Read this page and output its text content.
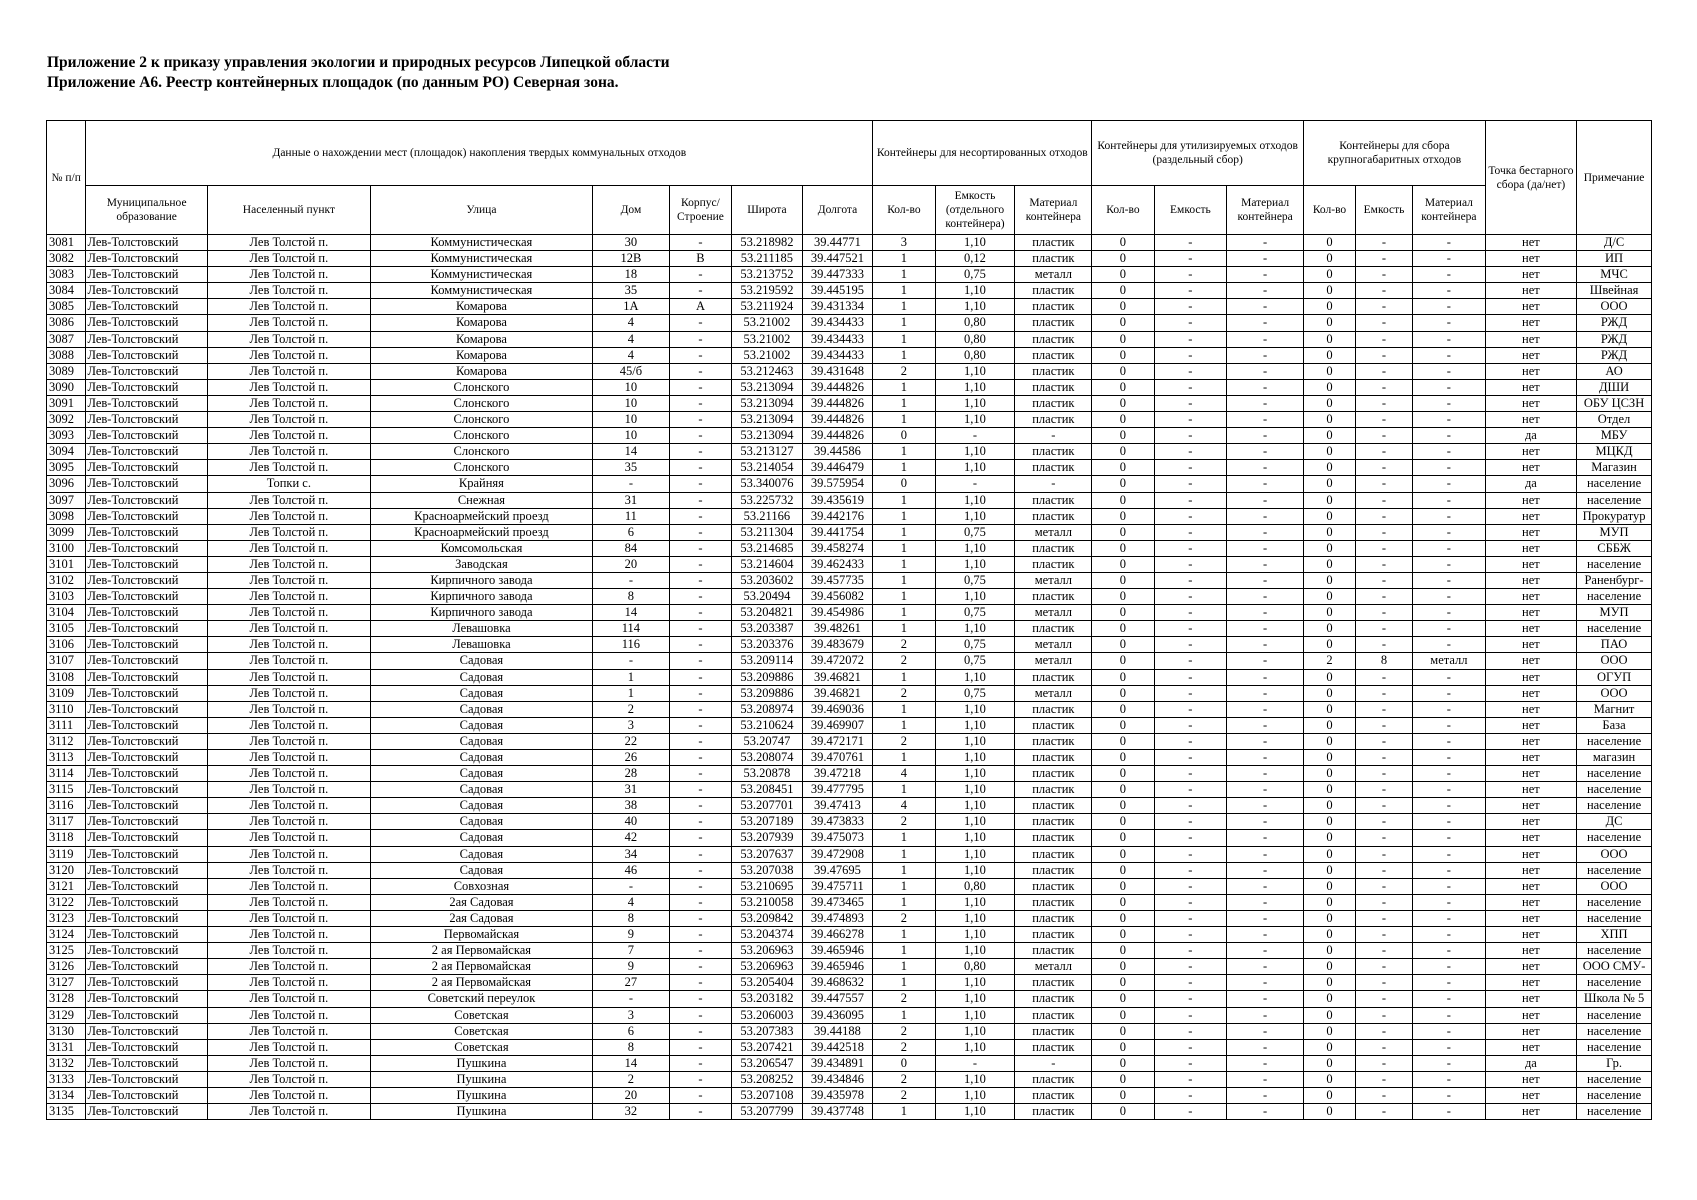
Приложение 2 к приказу управления экологии и природных ресурсов Липецкой области
Приложение А6. Реестр контейнерных площадок (по данным РО) Северная зона.
№ п/п	Данные о нахождении мест (площадок) накопления твердых коммунальных отходов							Контейнеры для несортированных отходов			Контейнеры для утилизируемых отходов (раздельный сбор)			Контейнеры для сбора крупногабаритных отходов			Точка бестарного сбора (да/нет)	Примечание
	Муниципальное образование	Населенный пункт	Улица	Дом	Корпус/ Строение	Широта	Долгота	Кол-во	Емкость (отдельного контейнера)	Материал контейнера	Кол-во	Емкость	Материал контейнера	Кол-во	Емкость	Материал контейнера		
3081	Лев-Толстовский	Лев Толстой п.	Коммунистическая	30	-	53.218982	39.44771	3	1,10	пластик	0	-	-	0	-	-	нет	Д/С
3082	Лев-Толстовский	Лев Толстой п.	Коммунистическая	12В	В	53.211185	39.447521	1	0,12	пластик	0	-	-	0	-	-	нет	ИП
3083	Лев-Толстовский	Лев Толстой п.	Коммунистическая	18	-	53.213752	39.447333	1	0,75	металл	0	-	-	0	-	-	нет	МЧС
3084	Лев-Толстовский	Лев Толстой п.	Коммунистическая	35	-	53.219592	39.445195	1	1,10	пластик	0	-	-	0	-	-	нет	Швейная
3085	Лев-Толстовский	Лев Толстой п.	Комарова	1А	А	53.211924	39.431334	1	1,10	пластик	0	-	-	0	-	-	нет	ООО
3086	Лев-Толстовский	Лев Толстой п.	Комарова	4	-	53.21002	39.434433	1	0,80	пластик	0	-	-	0	-	-	нет	РЖД
3087	Лев-Толстовский	Лев Толстой п.	Комарова	4	-	53.21002	39.434433	1	0,80	пластик	0	-	-	0	-	-	нет	РЖД
3088	Лев-Толстовский	Лев Толстой п.	Комарова	4	-	53.21002	39.434433	1	0,80	пластик	0	-	-	0	-	-	нет	РЖД
3089	Лев-Толстовский	Лев Толстой п.	Комарова	45/б	-	53.212463	39.431648	2	1,10	пластик	0	-	-	0	-	-	нет	АО
3090	Лев-Толстовский	Лев Толстой п.	Слонского	10	-	53.213094	39.444826	1	1,10	пластик	0	-	-	0	-	-	нет	ДШИ
3091	Лев-Толстовский	Лев Толстой п.	Слонского	10	-	53.213094	39.444826	1	1,10	пластик	0	-	-	0	-	-	нет	ОБУ ЦСЗН
3092	Лев-Толстовский	Лев Толстой п.	Слонского	10	-	53.213094	39.444826	1	1,10	пластик	0	-	-	0	-	-	нет	Отдел
3093	Лев-Толстовский	Лев Толстой п.	Слонского	10	-	53.213094	39.444826	0	-	-	0	-	-	0	-	-	да	МБУ
3094	Лев-Толстовский	Лев Толстой п.	Слонского	14	-	53.213127	39.44586	1	1,10	пластик	0	-	-	0	-	-	нет	МЦКД
3095	Лев-Толстовский	Лев Толстой п.	Слонского	35	-	53.214054	39.446479	1	1,10	пластик	0	-	-	0	-	-	нет	Магазин
3096	Лев-Толстовский	Топки с.	Крайняя	-	-	53.340076	39.575954	0	-	-	0	-	-	0	-	-	да	население
3097	Лев-Толстовский	Лев Толстой п.	Снежная	31	-	53.225732	39.435619	1	1,10	пластик	0	-	-	0	-	-	нет	население
3098	Лев-Толстовский	Лев Толстой п.	Красноармейский проезд	11	-	53.21166	39.442176	1	1,10	пластик	0	-	-	0	-	-	нет	Прокуратур
3099	Лев-Толстовский	Лев Толстой п.	Красноармейский проезд	6	-	53.211304	39.441754	1	0,75	металл	0	-	-	0	-	-	нет	МУП
3100	Лев-Толстовский	Лев Толстой п.	Комсомольская	84	-	53.214685	39.458274	1	1,10	пластик	0	-	-	0	-	-	нет	СББЖ
3101	Лев-Толстовский	Лев Толстой п.	Заводская	20	-	53.214604	39.462433	1	1,10	пластик	0	-	-	0	-	-	нет	население
3102	Лев-Толстовский	Лев Толстой п.	Кирпичного завода	-	-	53.203602	39.457735	1	0,75	металл	0	-	-	0	-	-	нет	Раненбург-
3103	Лев-Толстовский	Лев Толстой п.	Кирпичного завода	8	-	53.20494	39.456082	1	1,10	пластик	0	-	-	0	-	-	нет	население
3104	Лев-Толстовский	Лев Толстой п.	Кирпичного завода	14	-	53.204821	39.454986	1	0,75	металл	0	-	-	0	-	-	нет	МУП
3105	Лев-Толстовский	Лев Толстой п.	Левашовка	114	-	53.203387	39.48261	1	1,10	пластик	0	-	-	0	-	-	нет	население
3106	Лев-Толстовский	Лев Толстой п.	Левашовка	116	-	53.203376	39.483679	2	0,75	металл	0	-	-	0	-	-	нет	ПАО
3107	Лев-Толстовский	Лев Толстой п.	Садовая	-	-	53.209114	39.472072	2	0,75	металл	0	-	-	2	8	металл	нет	ООО
3108	Лев-Толстовский	Лев Толстой п.	Садовая	1	-	53.209886	39.46821	1	1,10	пластик	0	-	-	0	-	-	нет	ОГУП
3109	Лев-Толстовский	Лев Толстой п.	Садовая	1	-	53.209886	39.46821	2	0,75	металл	0	-	-	0	-	-	нет	ООО
3110	Лев-Толстовский	Лев Толстой п.	Садовая	2	-	53.208974	39.469036	1	1,10	пластик	0	-	-	0	-	-	нет	Магнит
3111	Лев-Толстовский	Лев Толстой п.	Садовая	3	-	53.210624	39.469907	1	1,10	пластик	0	-	-	0	-	-	нет	База
3112	Лев-Толстовский	Лев Толстой п.	Садовая	22	-	53.20747	39.472171	2	1,10	пластик	0	-	-	0	-	-	нет	население
3113	Лев-Толстовский	Лев Толстой п.	Садовая	26	-	53.208074	39.470761	1	1,10	пластик	0	-	-	0	-	-	нет	магазин
3114	Лев-Толстовский	Лев Толстой п.	Садовая	28	-	53.20878	39.47218	4	1,10	пластик	0	-	-	0	-	-	нет	население
3115	Лев-Толстовский	Лев Толстой п.	Садовая	31	-	53.208451	39.477795	1	1,10	пластик	0	-	-	0	-	-	нет	население
3116	Лев-Толстовский	Лев Толстой п.	Садовая	38	-	53.207701	39.47413	4	1,10	пластик	0	-	-	0	-	-	нет	население
3117	Лев-Толстовский	Лев Толстой п.	Садовая	40	-	53.207189	39.473833	2	1,10	пластик	0	-	-	0	-	-	нет	ДС
3118	Лев-Толстовский	Лев Толстой п.	Садовая	42	-	53.207939	39.475073	1	1,10	пластик	0	-	-	0	-	-	нет	население
3119	Лев-Толстовский	Лев Толстой п.	Садовая	34	-	53.207637	39.472908	1	1,10	пластик	0	-	-	0	-	-	нет	ООО
3120	Лев-Толстовский	Лев Толстой п.	Садовая	46	-	53.207038	39.47695	1	1,10	пластик	0	-	-	0	-	-	нет	население
3121	Лев-Толстовский	Лев Толстой п.	Совхозная	-	-	53.210695	39.475711	1	0,80	пластик	0	-	-	0	-	-	нет	ООО
3122	Лев-Толстовский	Лев Толстой п.	2ая Садовая	4	-	53.210058	39.473465	1	1,10	пластик	0	-	-	0	-	-	нет	население
3123	Лев-Толстовский	Лев Толстой п.	2ая Садовая	8	-	53.209842	39.474893	2	1,10	пластик	0	-	-	0	-	-	нет	население
3124	Лев-Толстовский	Лев Толстой п.	Первомайская	9	-	53.204374	39.466278	1	1,10	пластик	0	-	-	0	-	-	нет	ХПП
3125	Лев-Толстовский	Лев Толстой п.	2 ая Первомайская	7	-	53.206963	39.465946	1	1,10	пластик	0	-	-	0	-	-	нет	население
3126	Лев-Толстовский	Лев Толстой п.	2 ая Первомайская	9	-	53.206963	39.465946	1	0,80	металл	0	-	-	0	-	-	нет	ООО СМУ-
3127	Лев-Толстовский	Лев Толстой п.	2 ая Первомайская	27	-	53.205404	39.468632	1	1,10	пластик	0	-	-	0	-	-	нет	население
3128	Лев-Толстовский	Лев Толстой п.	Советский переулок	-	-	53.203182	39.447557	2	1,10	пластик	0	-	-	0	-	-	нет	Школа № 5
3129	Лев-Толстовский	Лев Толстой п.	Советская	3	-	53.206003	39.436095	1	1,10	пластик	0	-	-	0	-	-	нет	население
3130	Лев-Толстовский	Лев Толстой п.	Советская	6	-	53.207383	39.44188	2	1,10	пластик	0	-	-	0	-	-	нет	население
3131	Лев-Толстовский	Лев Толстой п.	Советская	8	-	53.207421	39.442518	2	1,10	пластик	0	-	-	0	-	-	нет	население
3132	Лев-Толстовский	Лев Толстой п.	Пушкина	14	-	53.206547	39.434891	0	-	-	0	-	-	0	-	-	да	Гр.
3133	Лев-Толстовский	Лев Толстой п.	Пушкина	2	-	53.208252	39.434846	2	1,10	пластик	0	-	-	0	-	-	нет	население
3134	Лев-Толстовский	Лев Толстой п.	Пушкина	20	-	53.207108	39.435978	2	1,10	пластик	0	-	-	0	-	-	нет	население
3135	Лев-Толстовский	Лев Толстой п.	Пушкина	32	-	53.207799	39.437748	1	1,10	пластик	0	-	-	0	-	-	нет	население
